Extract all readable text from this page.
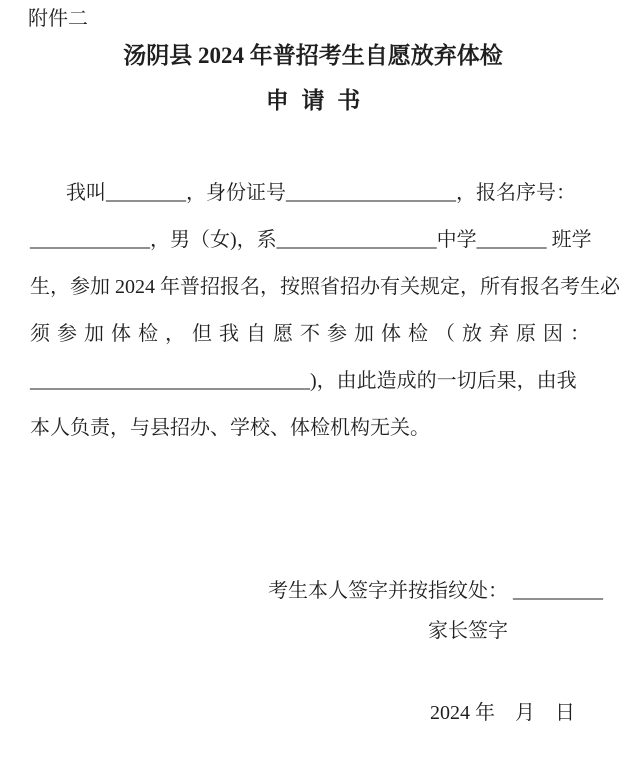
附件二
汤阴县 2024 年普招考生自愿放弃体检
申 请 书
我叫________，身份证号_________________，报名序号：
____________，男（女)，系________________中学_______ 班学
生，参加 2024 年普招报名，按照省招办有关规定，所有报名考生必
须参加体检，但我自愿不参加体检（放弃原因：
____________________________)，由此造成的一切后果，由我
本人负责，与县招办、学校、体检机构无关。
考生本人签字并按指纹处： _________
家长签字
2024 年    月    日
